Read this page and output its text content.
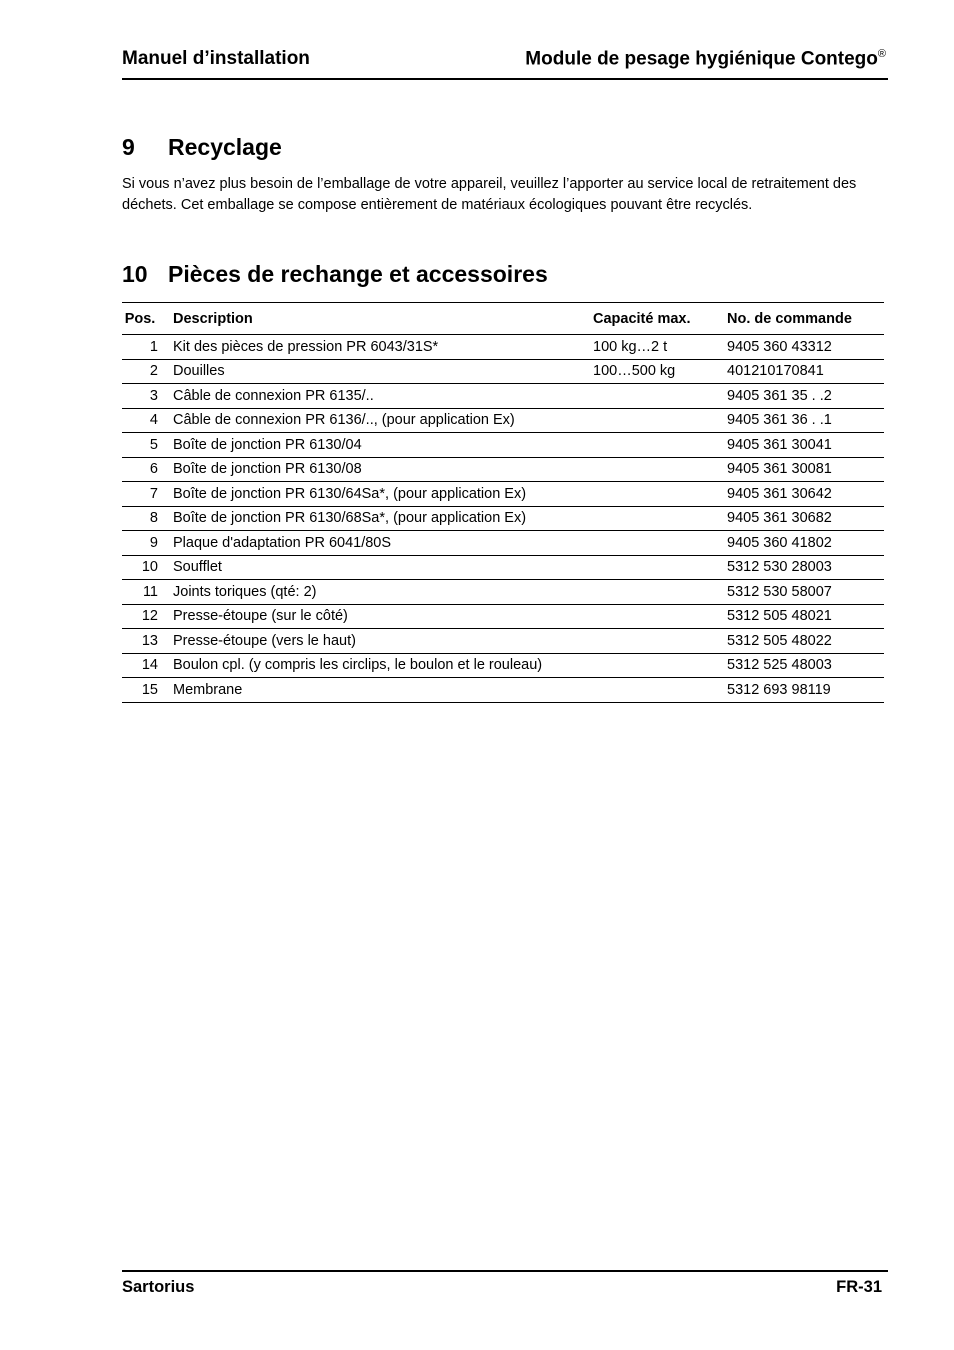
Manuel d’installation	Module de pesage hygiénique Contego®
9 Recyclage

Si vous n’avez plus besoin de l’emballage de votre appareil, veuillez l’apporter au service local de retraitement des déchets. Cet emballage se compose entièrement de matériaux écologiques pouvant être recyclés.

10 Pièces de rechange et accessoires
Pos.	Description	Capacité max.	No. de commande
1	Kit des pièces de pression PR 6043/31S*	100 kg…2 t	9405 360 43312
2	Douilles	100…500 kg	401210170841
3	Câble de connexion PR 6135/..		9405 361 35 . .2
4	Câble de connexion PR 6136/.., (pour application Ex)		9405 361 36 . .1
5	Boîte de jonction PR 6130/04		9405 361 30041
6	Boîte de jonction PR 6130/08		9405 361 30081
7	Boîte de jonction PR 6130/64Sa*, (pour application Ex)		9405 361 30642
8	Boîte de jonction PR 6130/68Sa*, (pour application Ex)		9405 361 30682
9	Plaque d'adaptation PR 6041/80S		9405 360 41802
10	Soufflet		5312 530 28003
11	Joints toriques (qté: 2)		5312 530 58007
12	Presse-étoupe (sur le côté)		5312 505 48021
13	Presse-étoupe (vers le haut)		5312 505 48022
14	Boulon cpl. (y compris les circlips, le boulon et le rouleau)		5312 525 48003
15	Membrane		5312 693 98119
Sartorius	FR-31
